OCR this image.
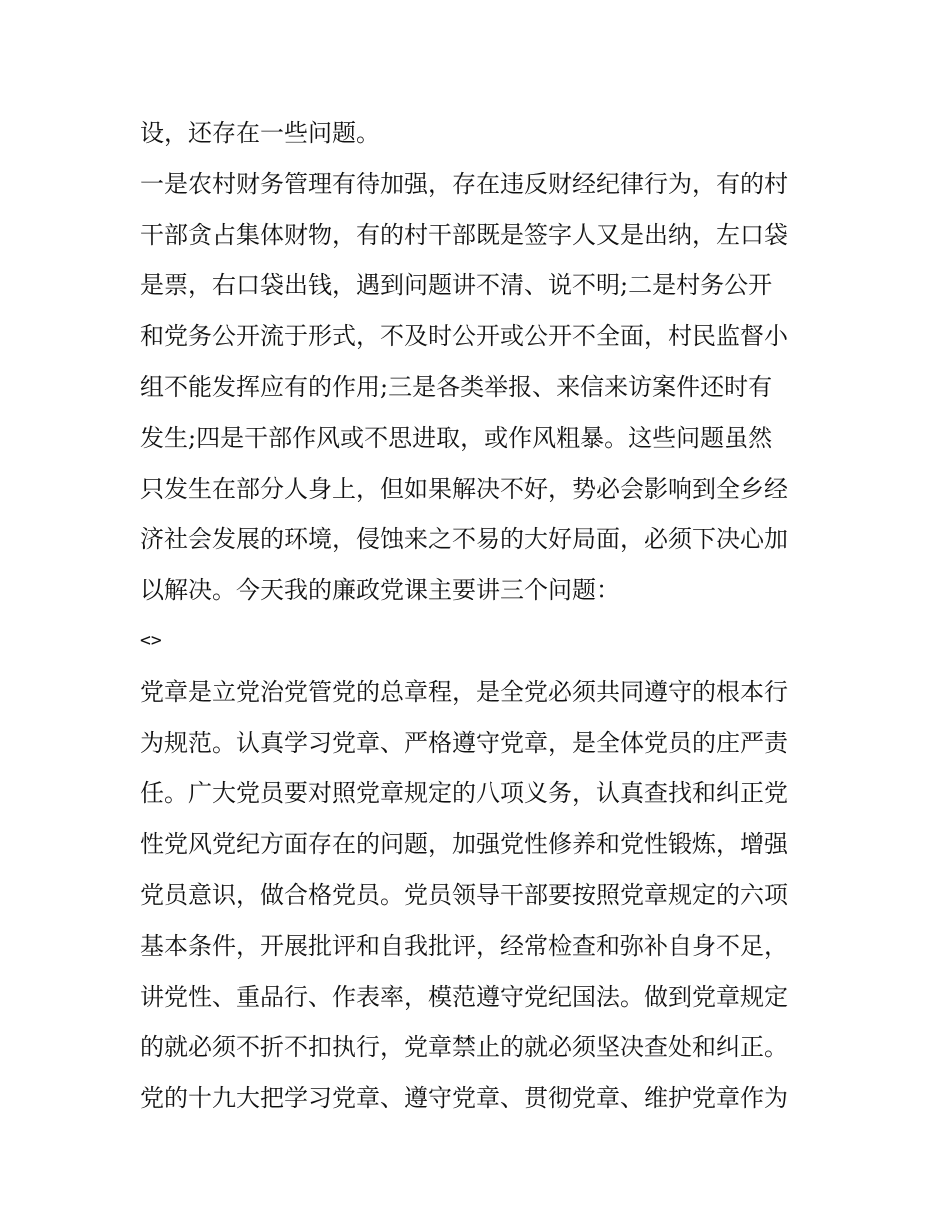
设，还存在一些问题。
一是农村财务管理有待加强，存在违反财经纪律行为，有的村
干部贪占集体财物，有的村干部既是签字人又是出纳，左口袋
是票，右口袋出钱，遇到问题讲不清、说不明;二是村务公开
和党务公开流于形式，不及时公开或公开不全面，村民监督小
组不能发挥应有的作用;三是各类举报、来信来访案件还时有
发生;四是干部作风或不思进取，或作风粗暴。这些问题虽然
只发生在部分人身上，但如果解决不好，势必会影响到全乡经
济社会发展的环境，侵蚀来之不易的大好局面，必须下决心加
以解决。今天我的廉政党课主要讲三个问题：
<>
党章是立党治党管党的总章程，是全党必须共同遵守的根本行
为规范。认真学习党章、严格遵守党章，是全体党员的庄严责
任。广大党员要对照党章规定的八项义务，认真查找和纠正党
性党风党纪方面存在的问题，加强党性修养和党性锻炼，增强
党员意识，做合格党员。党员领导干部要按照党章规定的六项
基本条件，开展批评和自我批评，经常检查和弥补自身不足，
讲党性、重品行、作表率，模范遵守党纪国法。做到党章规定
的就必须不折不扣执行，党章禁止的就必须坚决查处和纠正。
党的十九大把学习党章、遵守党章、贯彻党章、维护党章作为
